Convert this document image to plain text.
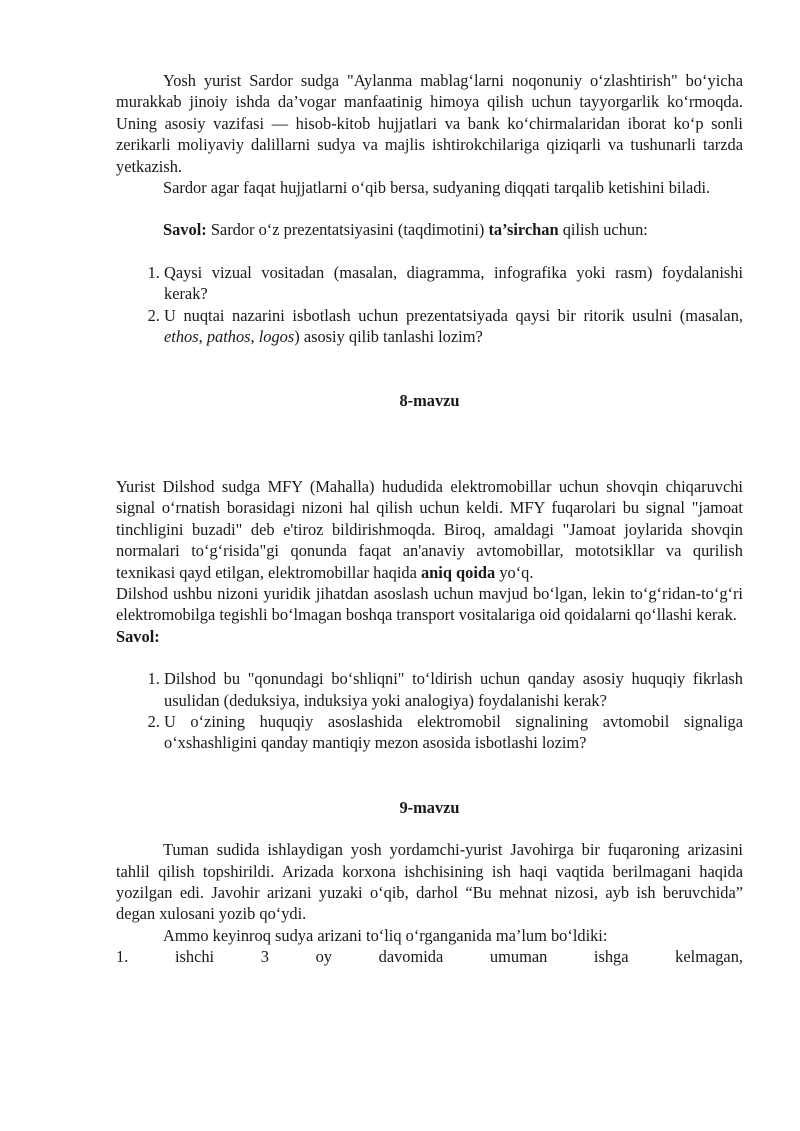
Yosh yurist Sardor sudga "Aylanma mablag‘larni noqonuniy o‘zlashtirish" bo‘yicha murakkab jinoiy ishda da’vogar manfaatinig himoya qilish uchun tayyorgarlik ko‘rmoqda. Uning asosiy vazifasi — hisob-kitob hujjatlari va bank ko‘chirmalaridan iborat ko‘p sonli zerikarli moliyaviy dalillarni sudya va majlis ishtirokchilariga qiziqarli va tushunarli tarzda yetkazish.

Sardor agar faqat hujjatlarni o‘qib bersa, sudyaning diqqati tarqalib ketishini biladi.

Savol: Sardor o‘z prezentatsiyasini (taqdimotini) ta’sirchan qilish uchun:

1. Qaysi vizual vositadan (masalan, diagramma, infografika yoki rasm) foydalanishi kerak?
2. U nuqtai nazarini isbotlash uchun prezentatsiyada qaysi bir ritorik usulni (masalan, ethos, pathos, logos) asosiy qilib tanlashi lozim?

8-mavzu

Yurist Dilshod sudga MFY (Mahalla) hududida elektromobillar uchun shovqin chiqaruvchi signal o‘rnatish borasidagi nizoni hal qilish uchun keldi. MFY fuqarolari bu signal "jamoat tinchligini buzadi" deb e'tiroz bildirishmoqda. Biroq, amaldagi "Jamoat joylarida shovqin normalari to‘g‘risida"gi qonunda faqat an'anaviy avtomobillar, mototsikllar va qurilish texnikasi qayd etilgan, elektromobillar haqida aniq qoida yo‘q.

Dilshod ushbu nizoni yuridik jihatdan asoslash uchun mavjud bo‘lgan, lekin to‘g‘ridan-to‘g‘ri elektromobilga tegishli bo‘lmagan boshqa transport vositalariga oid qoidalarni qo‘llashi kerak.

Savol:

1. Dilshod bu "qonundagi bo‘shliqni" to‘ldirish uchun qanday asosiy huquqiy fikrlash usulidan (deduksiya, induksiya yoki analogiya) foydalanishi kerak?
2. U o‘zining huquqiy asoslashida elektromobil signalining avtomobil signaliga o‘xshashligini qanday mantiqiy mezon asosida isbotlashi lozim?

9-mavzu

Tuman sudida ishlaydigan yosh yordamchi-yurist Javohirga bir fuqaroning arizasini tahlil qilish topshirildi. Arizada korxona ishchisining ish haqi vaqtida berilmagani haqida yozilgan edi. Javohir arizani yuzaki o‘qib, darhol “Bu mehnat nizosi, ayb ish beruvchida” degan xulosani yozib qo‘ydi.

Ammo keyinroq sudya arizani to‘liq o‘rganganida ma’lum bo‘ldiki:

1.    ishchi    3    oy    davomida    umuman    ishga    kelmagan,
